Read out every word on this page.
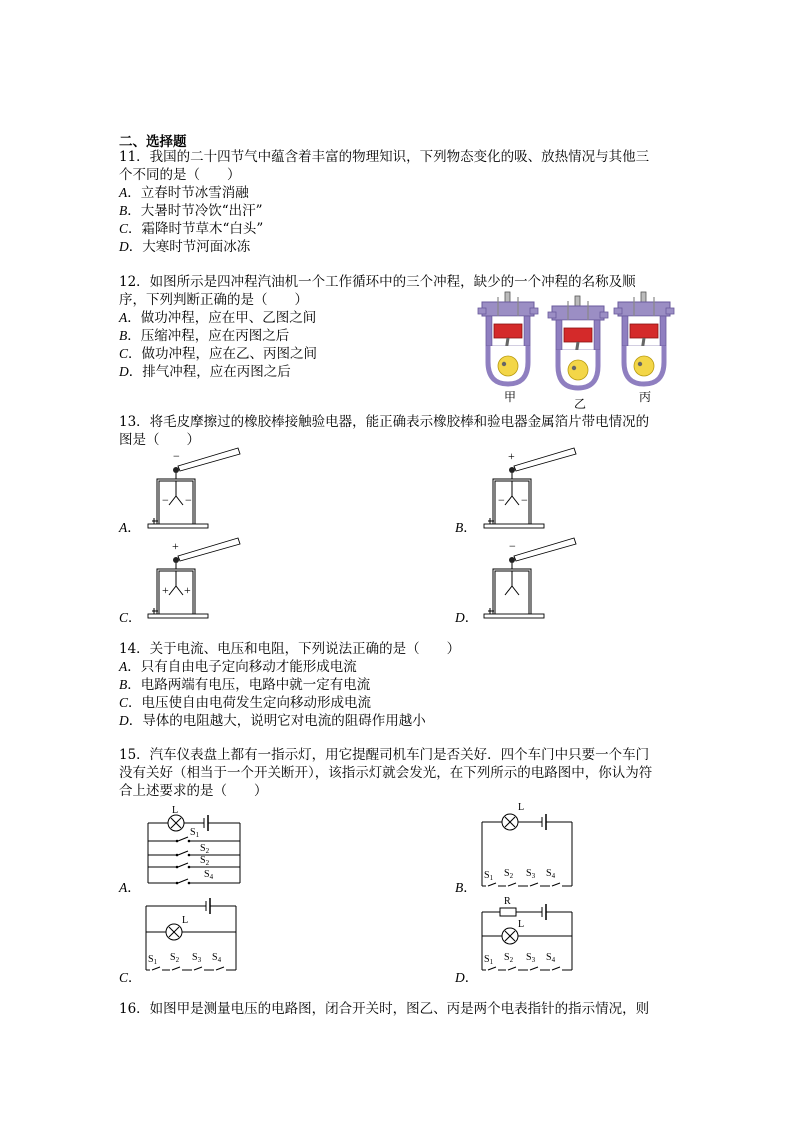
二、选择题
11．我国的二十四节气中蕴含着丰富的物理知识，下列物态变化的吸、放热情况与其他三
个不同的是（　　）
A．立春时节冰雪消融
B．大暑时节冷饮“出汗”
C．霜降时节草木“白头”
D．大寒时节河面冰冻
12．如图所示是四冲程汽油机一个工作循环中的三个冲程，缺少的一个冲程的名称及顺
序，下列判断正确的是（　　）
A．做功冲程，应在甲、乙图之间
B．压缩冲程，应在丙图之后
C．做功冲程，应在乙、丙图之间
D．排气冲程，应在丙图之后
甲	乙	丙
13．将毛皮摩擦过的橡胶棒接触验电器，能正确表示橡胶棒和验电器金属箔片带电情况的
图是（　　）
A．
−
− −
B．
+
− −
C．
+
+ +
D．
−
14．关于电流、电压和电阻，下列说法正确的是（　　）
A．只有自由电子定向移动才能形成电流
B．电路两端有电压，电路中就一定有电流
C．电压使自由电荷发生定向移动形成电流
D．导体的电阻越大，说明它对电流的阻碍作用越小
15．汽车仪表盘上都有一指示灯，用它提醒司机车门是否关好．四个车门中只要一个车门
没有关好（相当于一个开关断开），该指示灯就会发光，在下列所示的电路图中，你认为符
合上述要求的是（　　）
A．
L
$S_1$
$S_2$
$S_2$
$S_4$
B．
L
$S_1$ $S_2$ $S_3$ $S_4$
C．
L
$S_1$ $S_2$ $S_3$ $S_4$
D．
R
L
$S_1$ $S_2$ $S_3$ $S_4$
16．如图甲是测量电压的电路图，闭合开关时，图乙、丙是两个电表指针的指示情况，则
